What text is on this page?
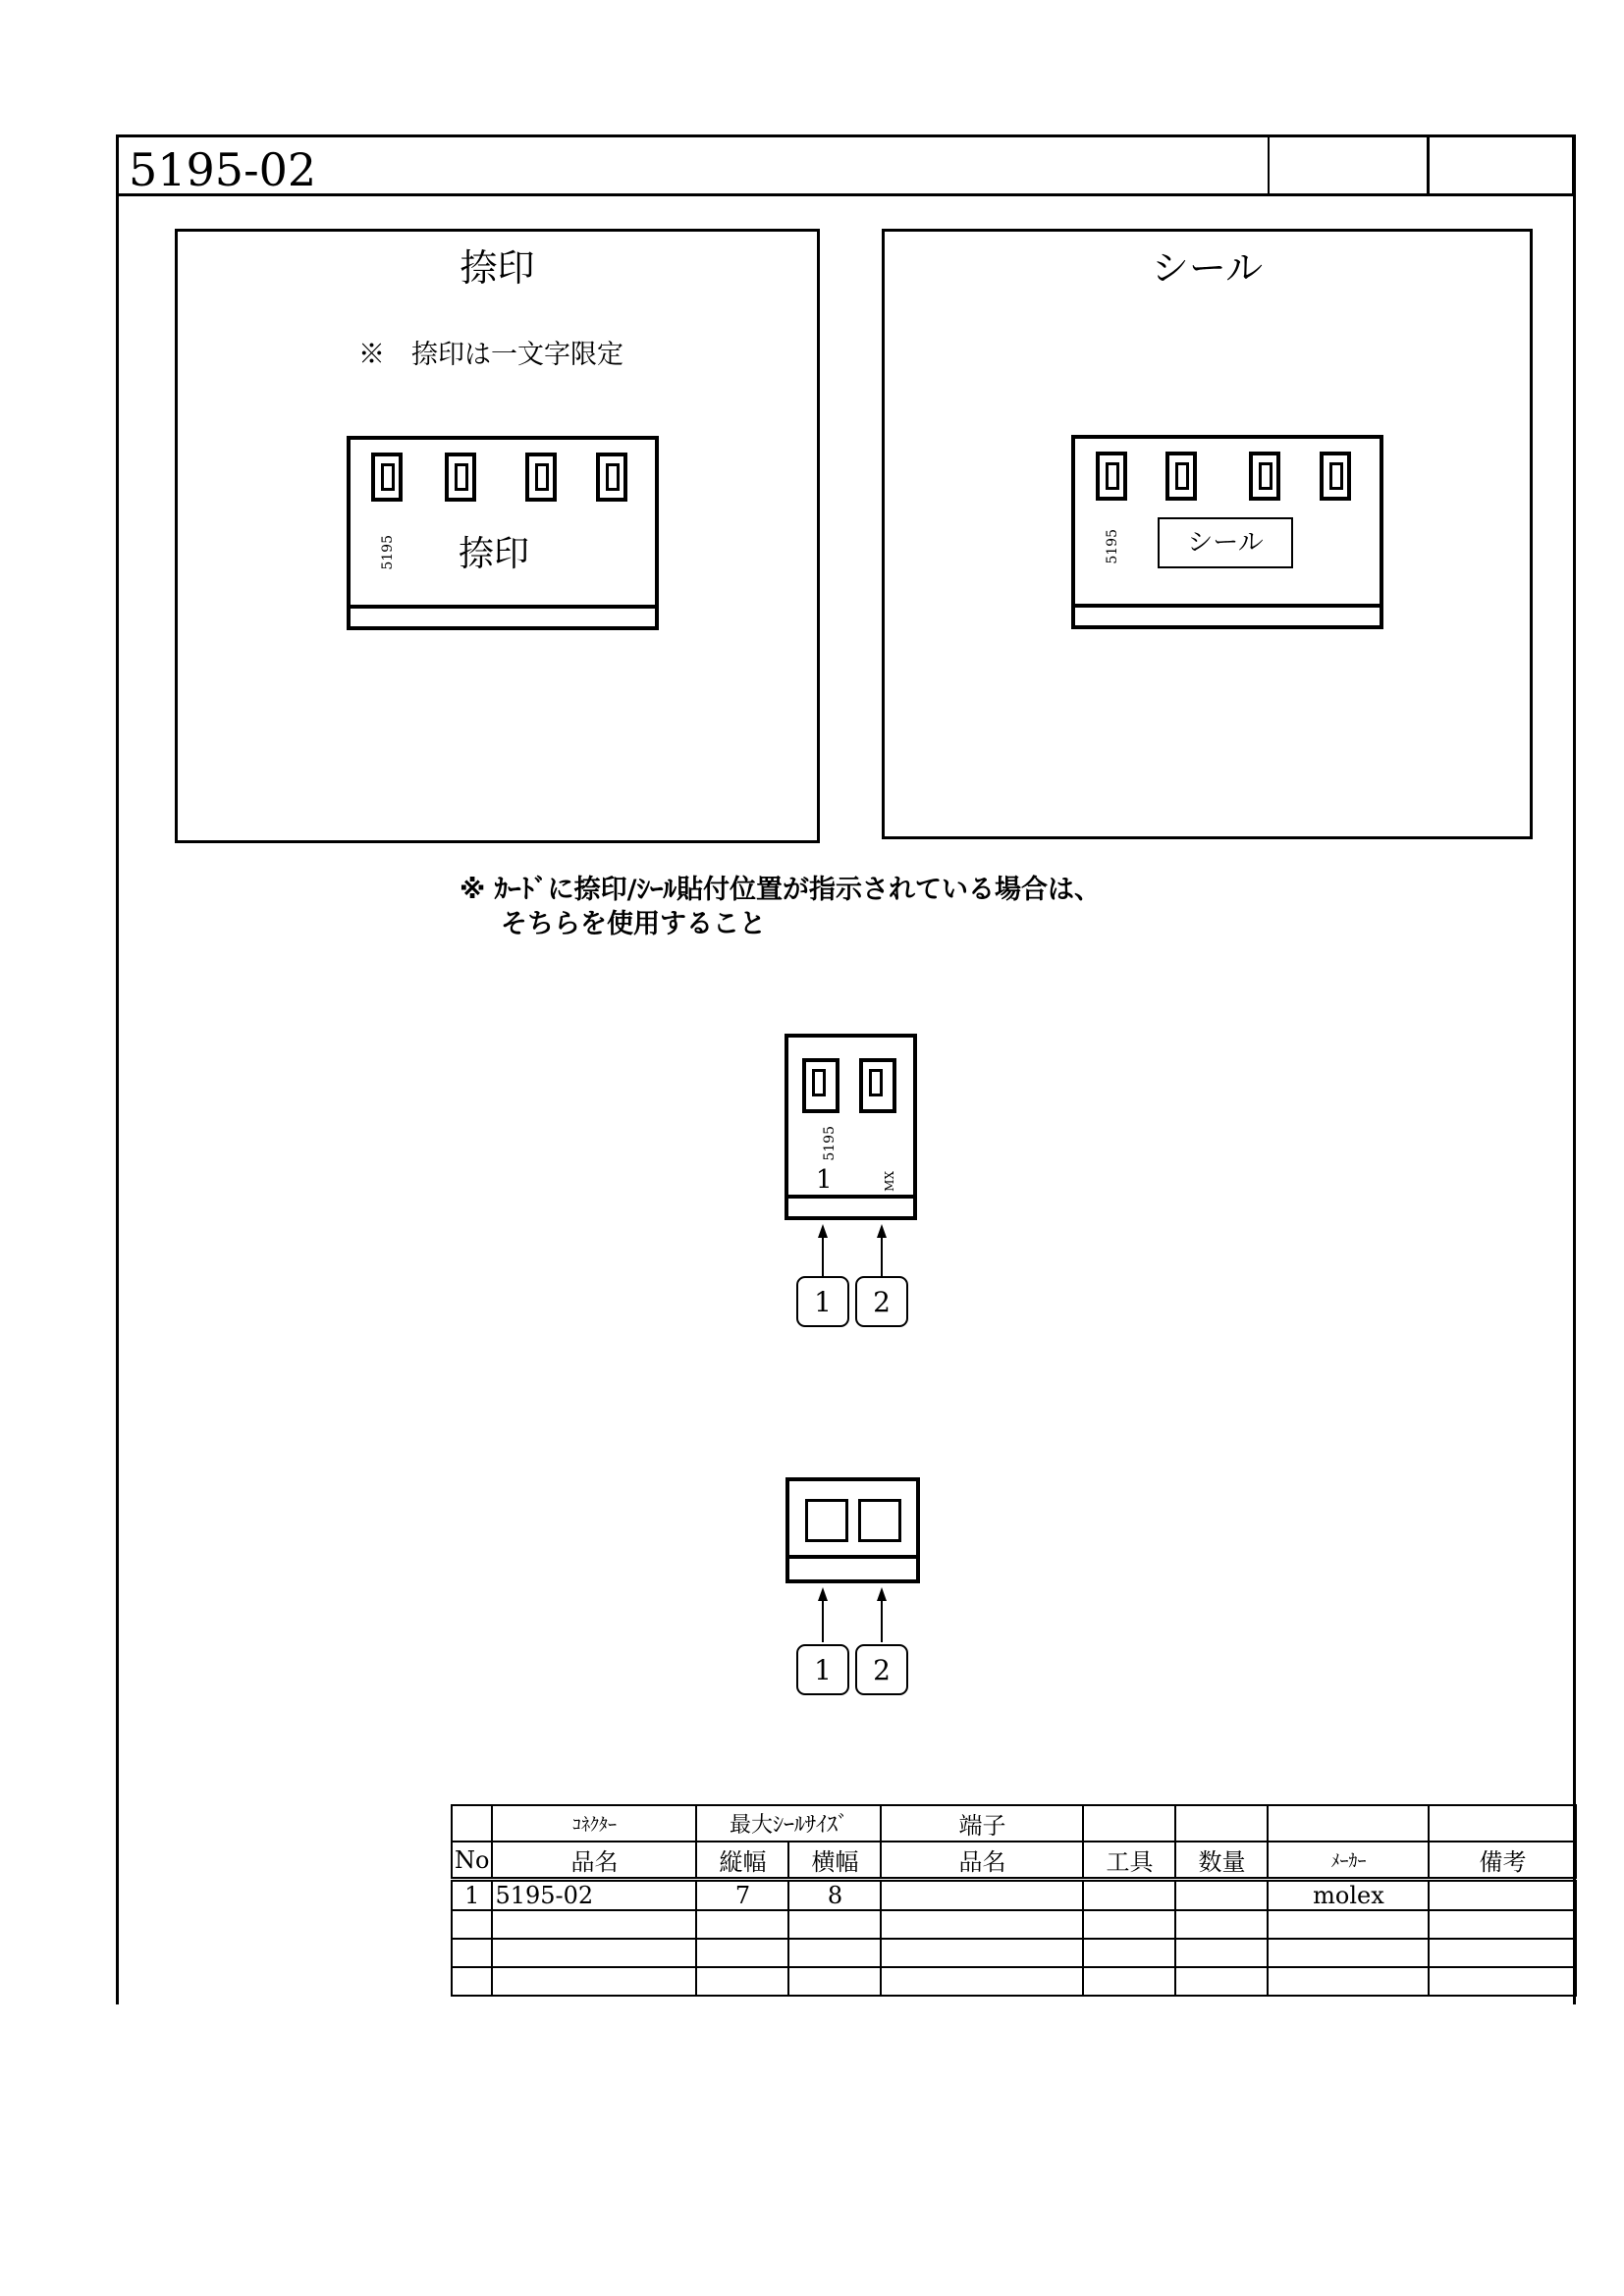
5195-02
捺印
※　捺印は一文字限定
5195 捺印
シール
5195	シール
※ ｶｰﾄﾞに捺印/ｼｰﾙ貼付位置が指示されている場合は、
そちらを使用すること
5195
1	MX
1	2
1	2
	ｺﾈｸﾀｰ	最大ｼｰﾙｻｲｽﾞ		端子				
No	品名	縦幅	横幅	品名	工具	数量	ﾒｰｶｰ	備考
1	5195-02	7	8				molex	
